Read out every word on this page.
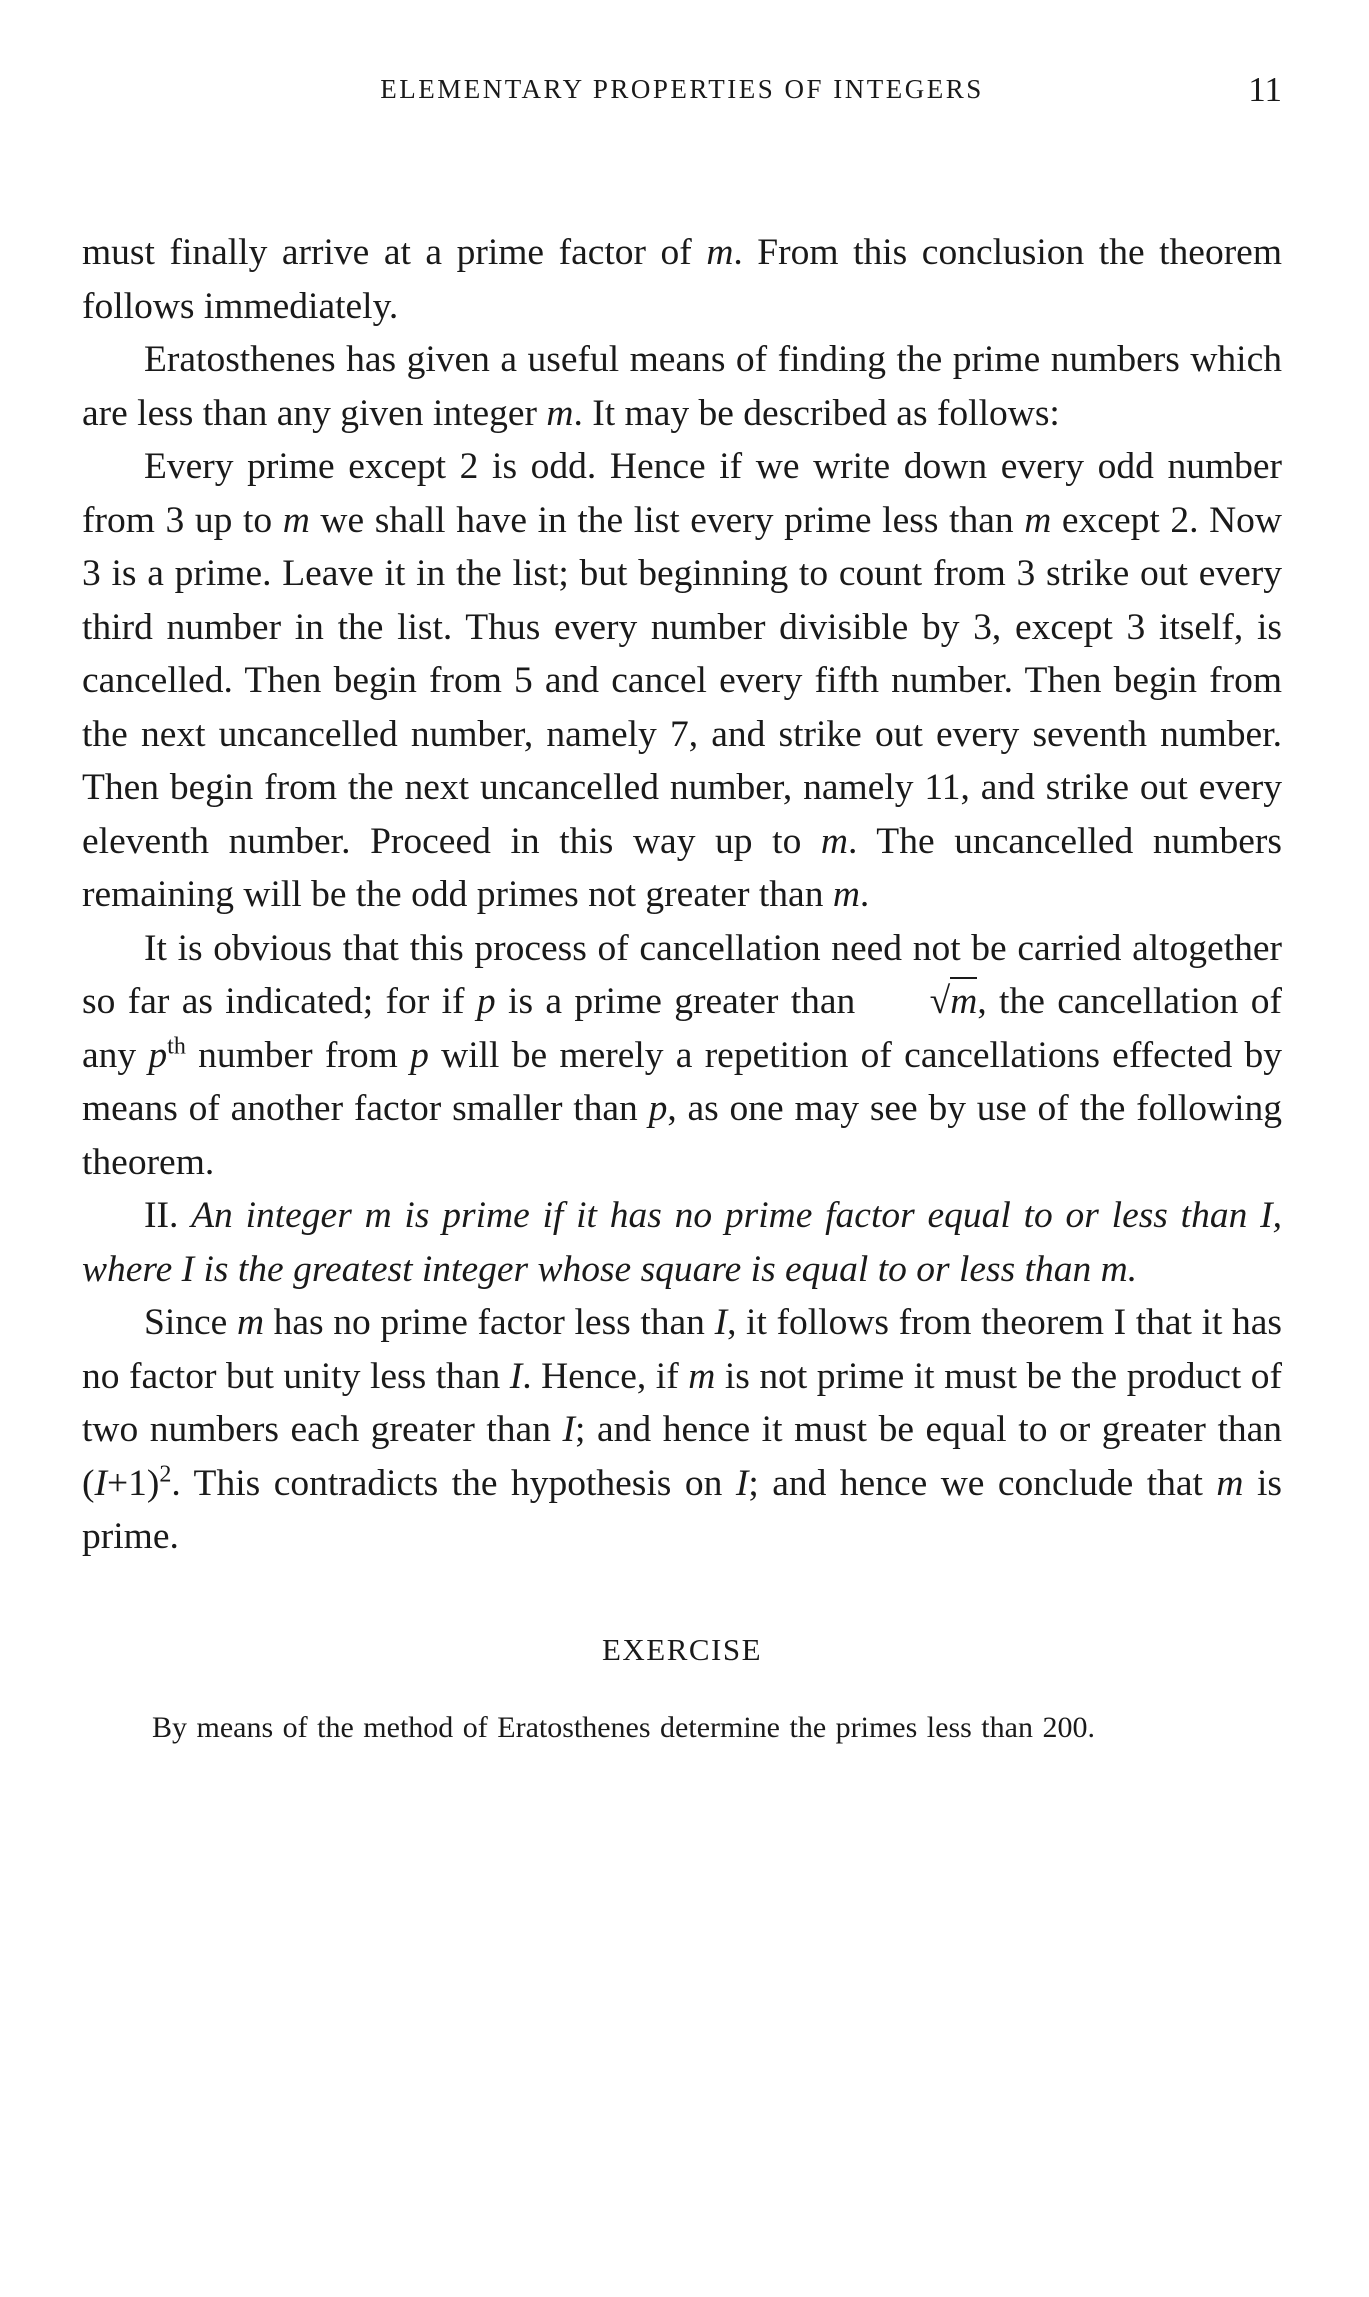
ELEMENTARY PROPERTIES OF INTEGERS	11

must finally arrive at a prime factor of m. From this conclusion the theorem follows immediately.

Eratosthenes has given a useful means of finding the prime numbers which are less than any given integer m. It may be described as follows:

Every prime except 2 is odd. Hence if we write down every odd number from 3 up to m we shall have in the list every prime less than m except 2. Now 3 is a prime. Leave it in the list; but beginning to count from 3 strike out every third number in the list. Thus every number divisible by 3, except 3 itself, is cancelled. Then begin from 5 and cancel every fifth number. Then begin from the next uncancelled number, namely 7, and strike out every seventh number. Then begin from the next uncancelled number, namely 11, and strike out every eleventh number. Proceed in this way up to m. The uncancelled numbers remaining will be the odd primes not greater than m.

It is obvious that this process of cancellation need not be carried altogether so far as indicated; for if p is a prime greater than √m, the cancellation of any $p^{th}$ number from p will be merely a repetition of cancellations effected by means of another factor smaller than p, as one may see by use of the following theorem.

II. An integer m is prime if it has no prime factor equal to or less than I, where I is the greatest integer whose square is equal to or less than m.

Since m has no prime factor less than I, it follows from theorem I that it has no factor but unity less than I. Hence, if m is not prime it must be the product of two numbers each greater than I; and hence it must be equal to or greater than $(I+1)^2$. This contradicts the hypothesis on I; and hence we conclude that m is prime.

EXERCISE

By means of the method of Eratosthenes determine the primes less than 200.
